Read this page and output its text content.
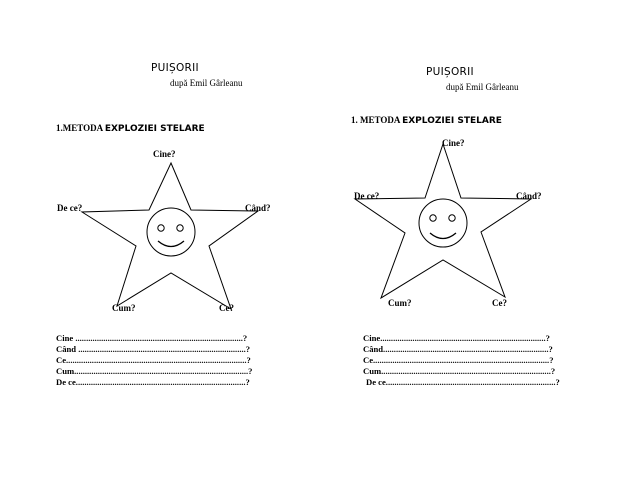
PUIȘORII
după Emil Gârleanu
1.METODA EXPLOZIEI STELARE
Cine?
De ce?	Când?
Cum?	Ce?
Cine ..............................................................................?
Când ..............................................................................?
Ce....................................................................................?
Cum.................................................................................?
De ce...............................................................................?
PUIȘORII
după Emil Gârleanu
1. METODA EXPLOZIEI STELARE
Cine?
De ce?	Când?
Cum?	Ce?
Cine.............................................................................?
Când.............................................................................?
Ce..................................................................................?
Cum...............................................................................?
De ce...............................................................................?
